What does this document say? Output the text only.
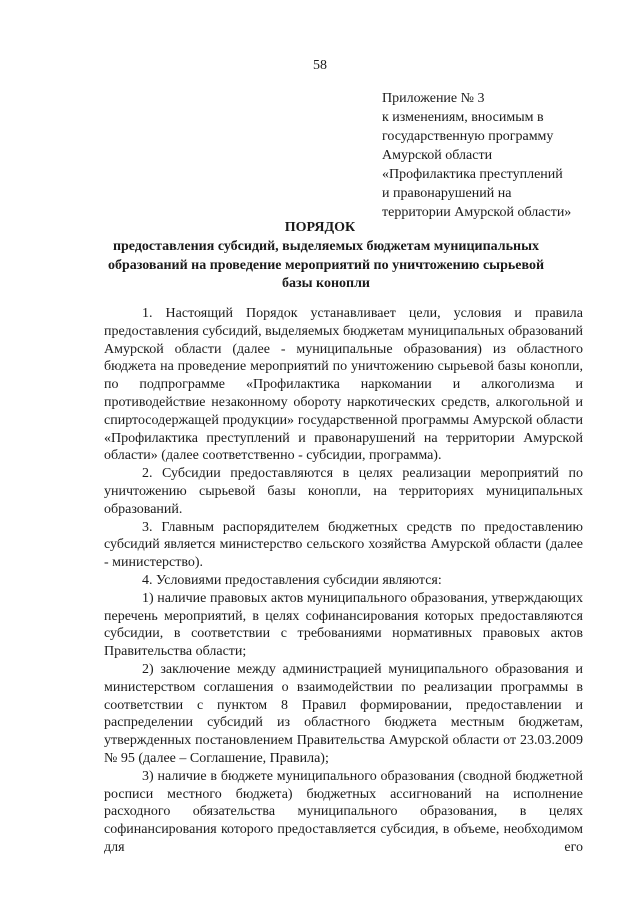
58
Приложение № 3
к изменениям, вносимым в
государственную программу
Амурской области
«Профилактика преступлений
и правонарушений на
территории Амурской области»
ПОРЯДОК
предоставления субсидий, выделяемых бюджетам муниципальных образований на проведение мероприятий по уничтожению сырьевой базы конопли

1. Настоящий Порядок устанавливает цели, условия и правила предоставления субсидий, выделяемых бюджетам муниципальных образований Амурской области (далее - муниципальные образования) из областного бюджета на проведение мероприятий по уничтожению сырьевой базы конопли, по подпрограмме «Профилактика наркомании и алкоголизма и противодействие незаконному обороту наркотических средств, алкогольной и спиртосодержащей продукции» государственной программы Амурской области «Профилактика преступлений и правонарушений на территории Амурской области» (далее соответственно - субсидии, программа).

2. Субсидии предоставляются в целях реализации мероприятий по уничтожению сырьевой базы конопли, на территориях муниципальных образований.

3. Главным распорядителем бюджетных средств по предоставлению субсидий является министерство сельского хозяйства Амурской области (далее - министерство).

4. Условиями предоставления субсидии являются:

1) наличие правовых актов муниципального образования, утверждающих перечень мероприятий, в целях софинансирования которых предоставляются субсидии, в соответствии с требованиями нормативных правовых актов Правительства области;

2) заключение между администрацией муниципального образования и министерством соглашения о взаимодействии по реализации программы в соответствии с пунктом 8 Правил формировании, предоставлении и распределении субсидий из областного бюджета местным бюджетам, утвержденных постановлением Правительства Амурской области от 23.03.2009 № 95 (далее – Соглашение, Правила);

3) наличие в бюджете муниципального образования (сводной бюджетной росписи местного бюджета) бюджетных ассигнований на исполнение расходного обязательства муниципального образования, в целях софинансирования которого предоставляется субсидия, в объеме, необходимом для его
